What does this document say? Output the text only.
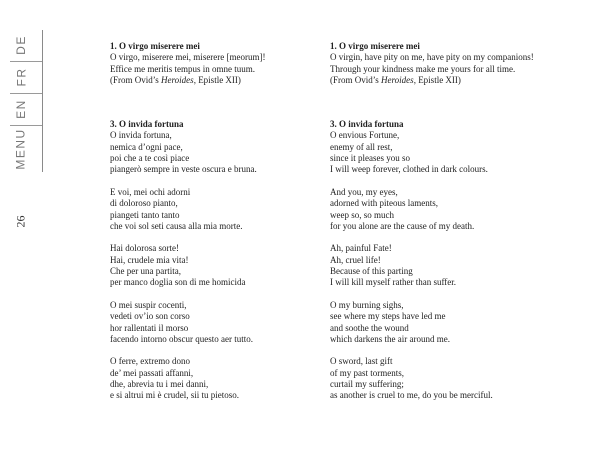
DE
FR
EN
MENU
26
1. O virgo miserere mei
O virgo, miserere mei, miserere [meorum]!
Effice me meritis tempus in omne tuum.
(From Ovid’s Heroides, Epistle XII)
3. O invida fortuna
O invida fortuna,
nemica d’ogni pace,
poi che a te così piace
piangerò sempre in veste oscura e bruna.
E voi, mei ochi adorni
di doloroso pianto,
piangeti tanto tanto
che voi sol seti causa alla mia morte.
Hai dolorosa sorte!
Hai, crudele mia vita!
Che per una partita,
per manco doglia son di me homicida
O mei suspir cocenti,
vedeti ov’io son corso
hor rallentati il morso
facendo intorno obscur questo aer tutto.
O ferre, extremo dono
de’ mei passati affanni,
dhe, abrevia tu i mei danni,
e si altrui mi è crudel, sii tu pietoso.
1. O virgo miserere mei
O virgin, have pity on me, have pity on my companions!
Through your kindness make me yours for all time.
(From Ovid’s Heroides, Epistle XII)
3. O invida fortuna
O envious Fortune,
enemy of all rest,
since it pleases you so
I will weep forever, clothed in dark colours.
And you, my eyes,
adorned with piteous laments,
weep so, so much
for you alone are the cause of my death.
Ah, painful Fate!
Ah, cruel life!
Because of this parting
I will kill myself rather than suffer.
O my burning sighs,
see where my steps have led me
and soothe the wound
which darkens the air around me.
O sword, last gift
of my past torments,
curtail my suffering;
as another is cruel to me, do you be merciful.
